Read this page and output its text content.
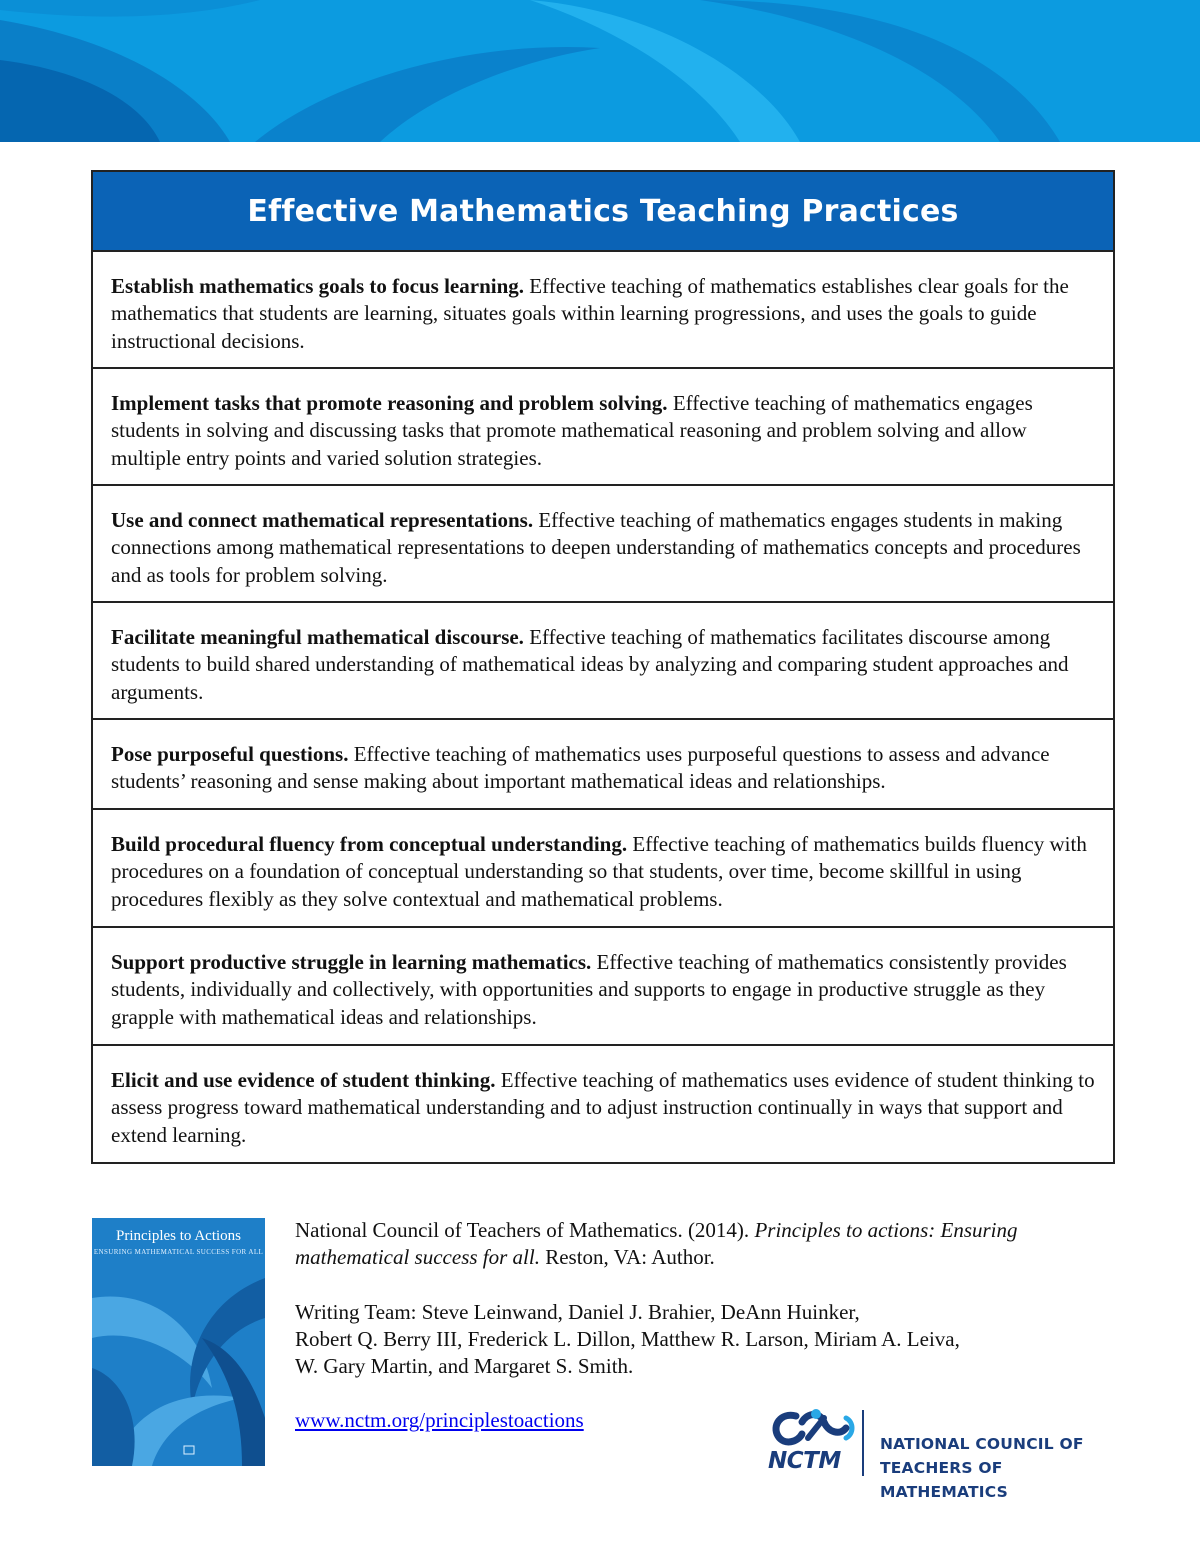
Effective Mathematics Teaching Practices
Establish mathematics goals to focus learning. Effective teaching of mathematics establishes clear goals for the mathematics that students are learning, situates goals within learning progressions, and uses the goals to guide instructional decisions.
Implement tasks that promote reasoning and problem solving. Effective teaching of mathematics engages students in solving and discussing tasks that promote mathematical reasoning and problem solving and allow multiple entry points and varied solution strategies.
Use and connect mathematical representations. Effective teaching of mathematics engages students in making connections among mathematical representations to deepen understanding of mathematics concepts and procedures and as tools for problem solving.
Facilitate meaningful mathematical discourse. Effective teaching of mathematics facilitates discourse among students to build shared understanding of mathematical ideas by analyzing and comparing student approaches and arguments.
Pose purposeful questions. Effective teaching of mathematics uses purposeful questions to assess and advance students’ reasoning and sense making about important mathematical ideas and relationships.
Build procedural fluency from conceptual understanding. Effective teaching of mathematics builds fluency with procedures on a foundation of conceptual understanding so that students, over time, become skillful in using procedures flexibly as they solve contextual and mathematical problems.
Support productive struggle in learning mathematics. Effective teaching of mathematics consistently provides students, individually and collectively, with opportunities and supports to engage in productive struggle as they grapple with mathematical ideas and relationships.
Elicit and use evidence of student thinking. Effective teaching of mathematics uses evidence of student thinking to assess progress toward mathematical understanding and to adjust instruction continually in ways that support and extend learning.
Principles to Actions
ENSURING MATHEMATICAL SUCCESS FOR ALL

National Council of Teachers of Mathematics. (2014). Principles to actions: Ensuring mathematical success for all. Reston, VA: Author.

Writing Team: Steve Leinwand, Daniel J. Brahier, DeAnn Huinker,
Robert Q. Berry III, Frederick L. Dillon, Matthew R. Larson, Miriam A. Leiva,
W. Gary Martin, and Margaret S. Smith.

www.nctm.org/principlestoactions

NCTM
NATIONAL COUNCIL OF
TEACHERS OF MATHEMATICS
